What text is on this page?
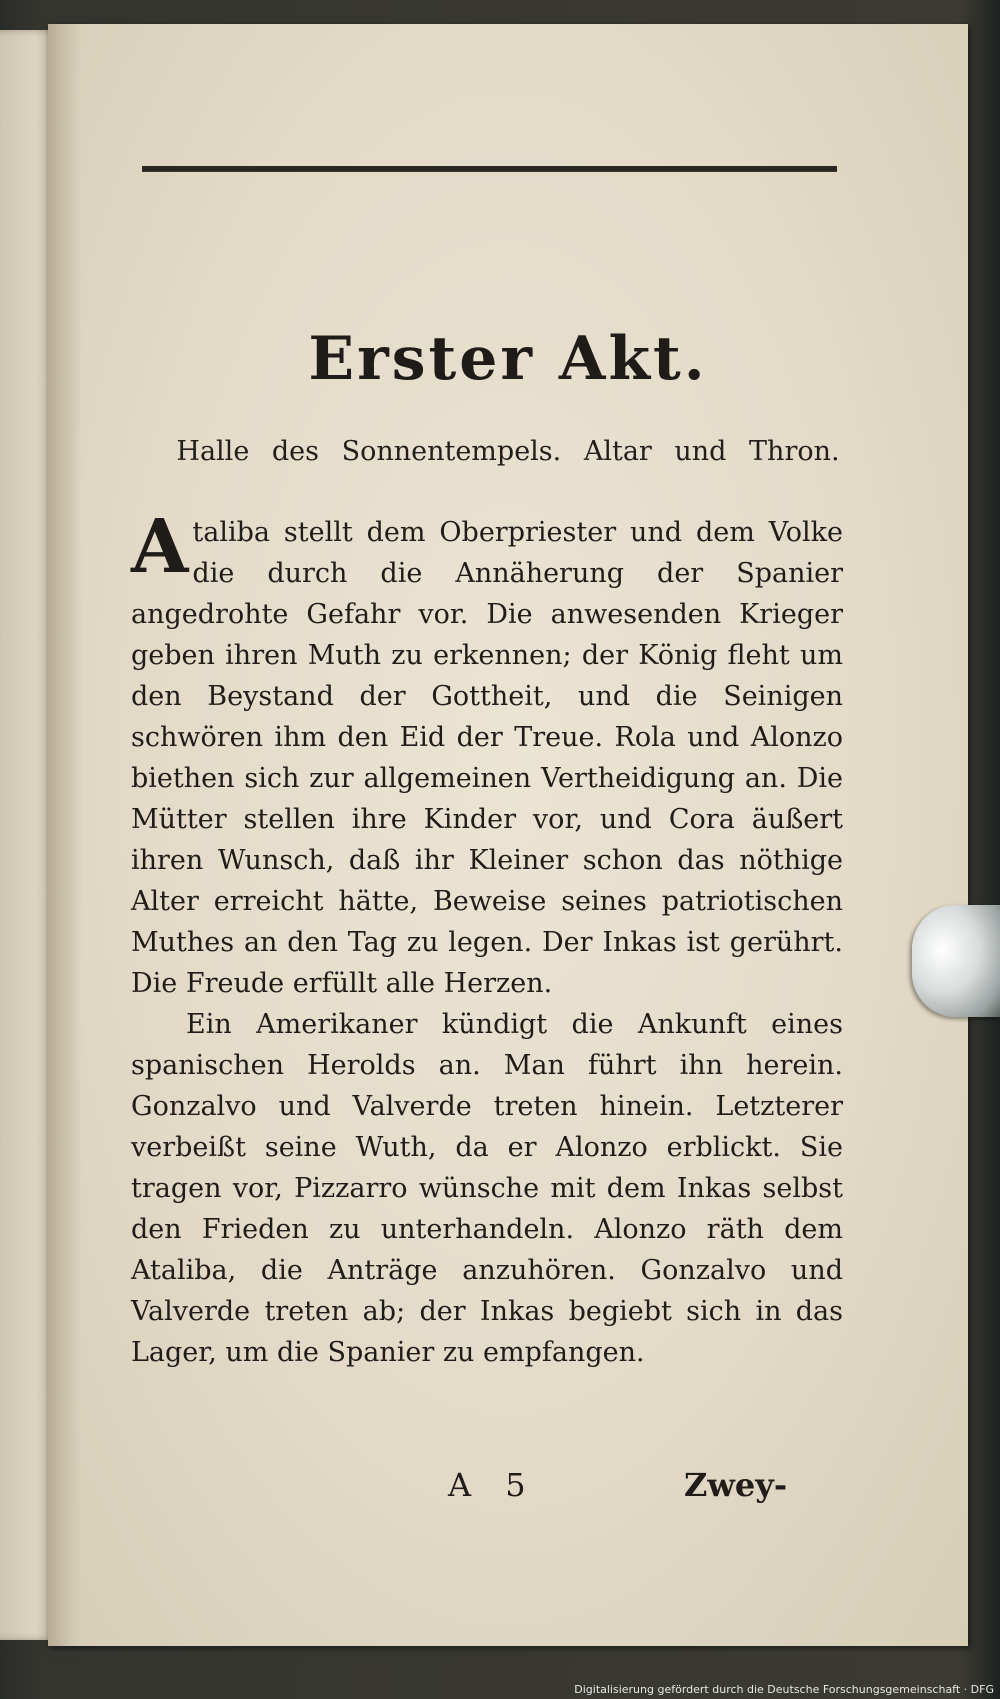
Erster Akt.

Halle des Sonnentempels. Altar und Thron.

Ataliba stellt dem Oberpriester und dem Volke die durch die Annäherung der Spanier angedrohte Gefahr vor. Die anwesenden Krieger geben ihren Muth zu erkennen; der König fleht um den Beystand der Gottheit, und die Seinigen schwören ihm den Eid der Treue. Rola und Alonzo biethen sich zur allgemeinen Vertheidigung an. Die Mütter stellen ihre Kinder vor, und Cora äußert ihren Wunsch, daß ihr Kleiner schon das nöthige Alter erreicht hätte, Beweise seines patriotischen Muthes an den Tag zu legen. Der Inkas ist gerührt. Die Freude erfüllt alle Herzen.

Ein Amerikaner kündigt die Ankunft eines spanischen Herolds an. Man führt ihn herein. Gonzalvo und Valverde treten hinein. Letzterer verbeißt seine Wuth, da er Alonzo erblickt. Sie tragen vor, Pizzarro wünsche mit dem Inkas selbst den Frieden zu unterhandeln. Alonzo räth dem Ataliba, die Anträge anzuhören. Gonzalvo und Valverde treten ab; der Inkas begiebt sich in das Lager, um die Spanier zu empfangen.

A 5	Zwey-

Digitalisierung gefördert durch die Deutsche Forschungsgemeinschaft · DFG
